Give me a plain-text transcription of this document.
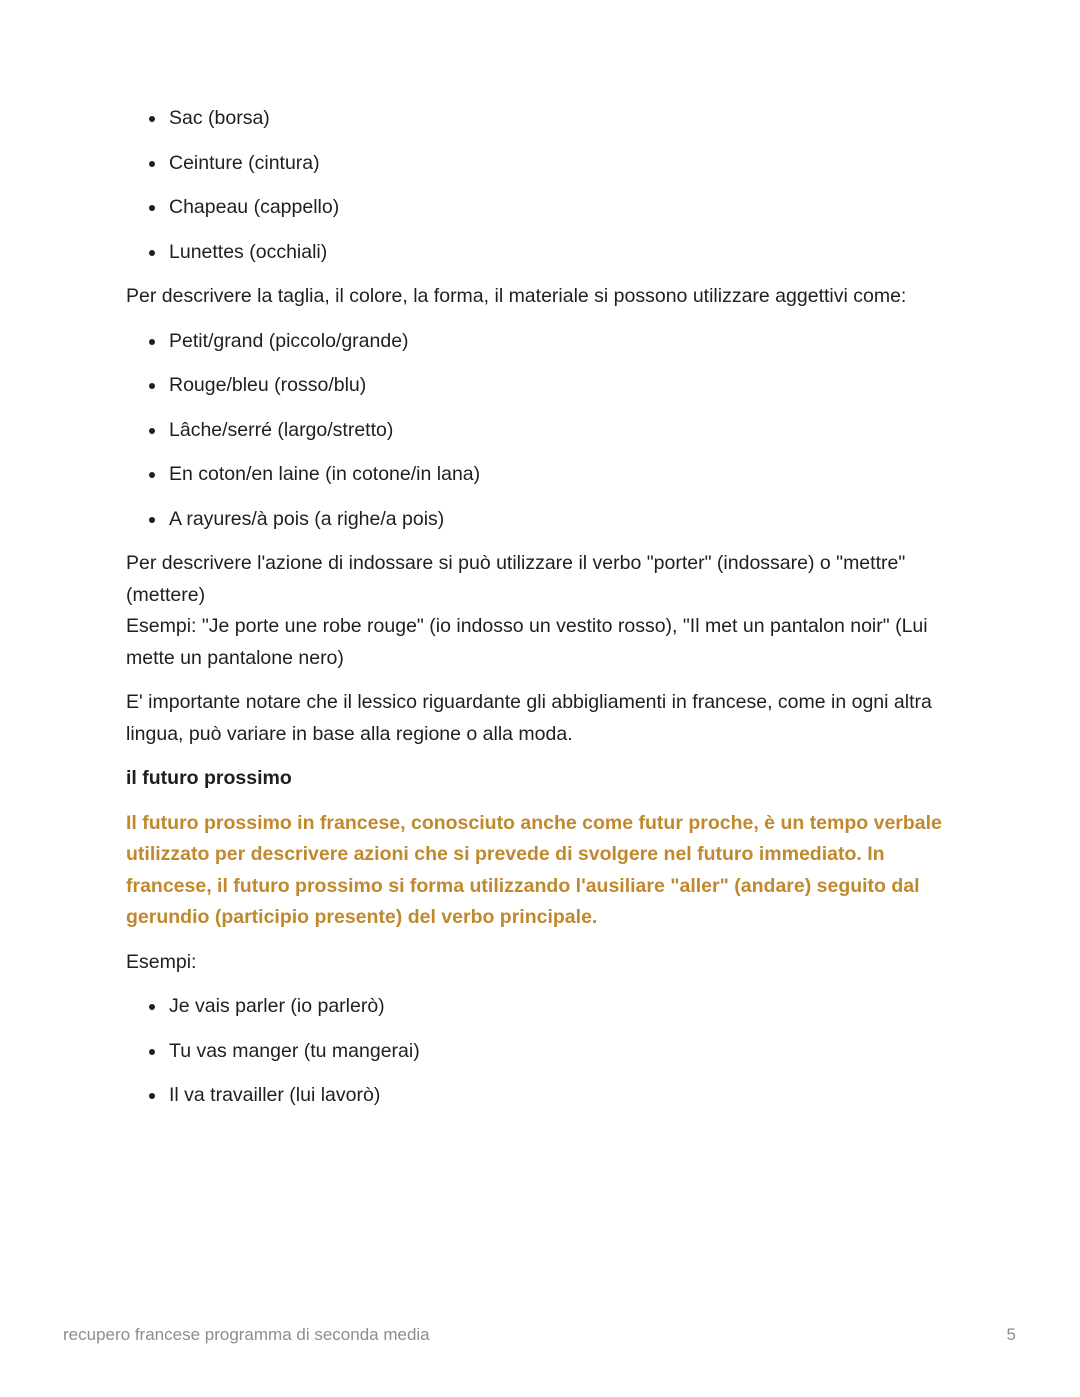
• Sac (borsa)
• Ceinture (cintura)
• Chapeau (cappello)
• Lunettes (occhiali)

Per descrivere la taglia, il colore, la forma, il materiale si possono utilizzare aggettivi come:

• Petit/grand (piccolo/grande)
• Rouge/bleu (rosso/blu)
• Lâche/serré (largo/stretto)
• En coton/en laine (in cotone/in lana)
• A rayures/à pois (a righe/a pois)

Per descrivere l'azione di indossare si può utilizzare il verbo "porter" (indossare) o "mettre" (mettere)
Esempi: "Je porte une robe rouge" (io indosso un vestito rosso), "Il met un pantalon noir" (Lui mette un pantalone nero)

E' importante notare che il lessico riguardante gli abbigliamenti in francese, come in ogni altra lingua, può variare in base alla regione o alla moda.

il futuro prossimo

Il futuro prossimo in francese, conosciuto anche come futur proche, è un tempo verbale utilizzato per descrivere azioni che si prevede di svolgere nel futuro immediato. In francese, il futuro prossimo si forma utilizzando l'ausiliare "aller" (andare) seguito dal gerundio (participio presente) del verbo principale.

Esempi:

• Je vais parler (io parlerò)
• Tu vas manger (tu mangerai)
• Il va travailler (lui lavorò)
recupero francese programma di seconda media	5
